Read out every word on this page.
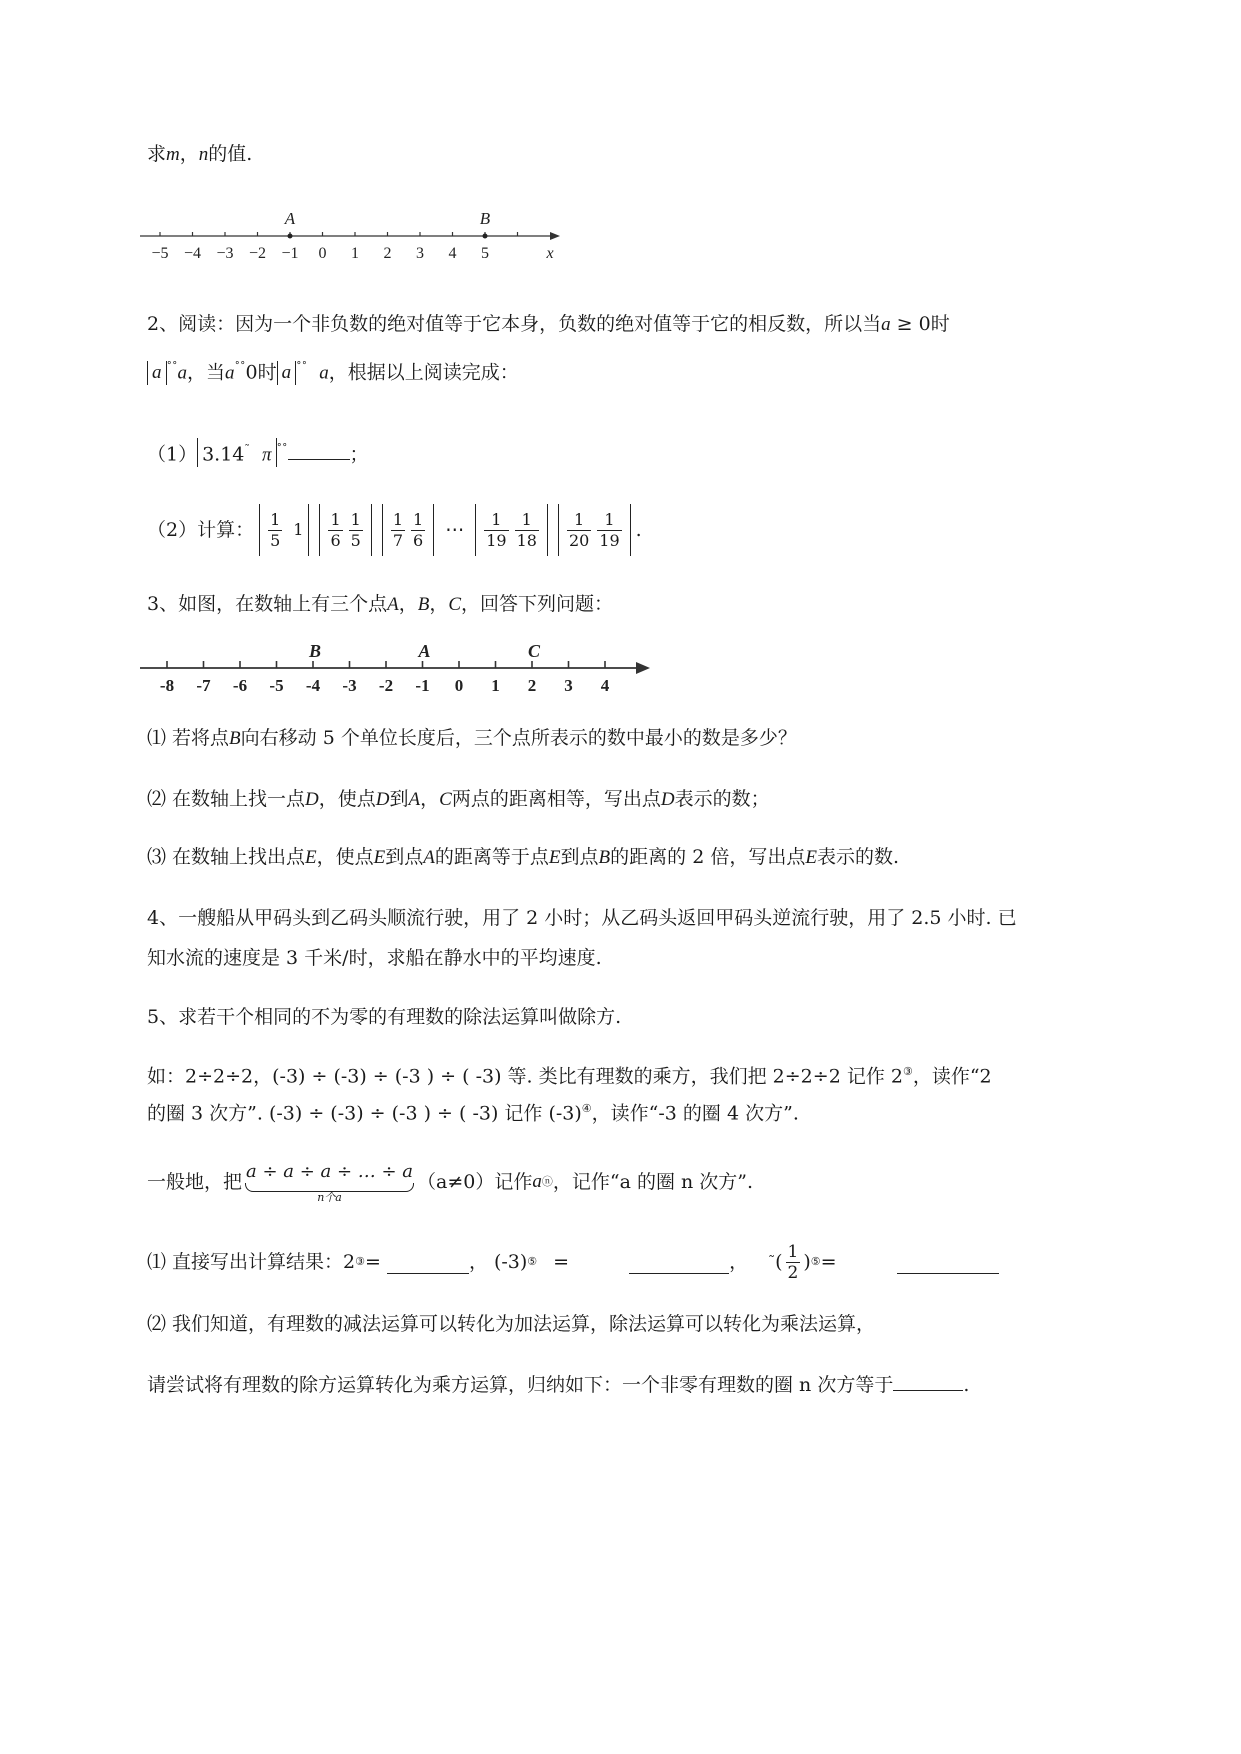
求m，n的值.
−5 −4 −3 −2 −1 0 1 2 3 4 5	x
A	B
2、阅读：因为一个非负数的绝对值等于它本身，负数的绝对值等于它的相反数，所以当a ≥ 0时
a ˚˚a，当a˚˚0时 a ˚˚ a，根据以上阅读完成：
（1） 3.14˜ π ˚˚	；
（2）计算： $\frac{1}{5} 1 \frac{1}{6} \frac{1}{5} \frac{1}{7} \frac{1}{6}$ ⋯ $\frac{1}{19} \frac{1}{18} \frac{1}{20} \frac{1}{19}$ .
3、如图，在数轴上有三个点A，B，C，回答下列问题：
-8 -7 -6 -5 -4 -3 -2 -1 0 1 2 3 4
B	A	C
⑴ 若将点B向右移动 5 个单位长度后，三个点所表示的数中最小的数是多少？
⑵ 在数轴上找一点D，使点D到A，C两点的距离相等，写出点D表示的数；
⑶ 在数轴上找出点E，使点E到点A的距离等于点E到点B的距离的 2 倍，写出点E表示的数.
4、一艘船从甲码头到乙码头顺流行驶，用了 2 小时；从乙码头返回甲码头逆流行驶，用了 2.5 小时. 已
知水流的速度是 3 千米/时，求船在静水中的平均速度.
5、求若干个相同的不为零的有理数的除法运算叫做除方.
如：2÷2÷2，(-3) ÷ (-3) ÷ (-3 ) ÷ ( -3) 等. 类比有理数的乘方，我们把 2÷2÷2 记作 2③，读作“2
的圈 3 次方”. (-3) ÷ (-3) ÷ (-3 ) ÷ ( -3) 记作 (-3)④，读作“-3 的圈 4 次方”.
一般地，把 a ÷ a ÷ a ÷ … ÷ a
n个a
（a≠0）记作 a ⓝ ，记作“a 的圈 n 次方”.
⑴ 直接写出计算结果：2 ③ =	， (-3) ⑤ =	， ˜ ( $\frac{1}{2}$ ) ⑤ =
⑵ 我们知道，有理数的减法运算可以转化为加法运算，除法运算可以转化为乘法运算，
请尝试将有理数的除方运算转化为乘方运算，归纳如下：一个非零有理数的圈 n 次方等于	.
